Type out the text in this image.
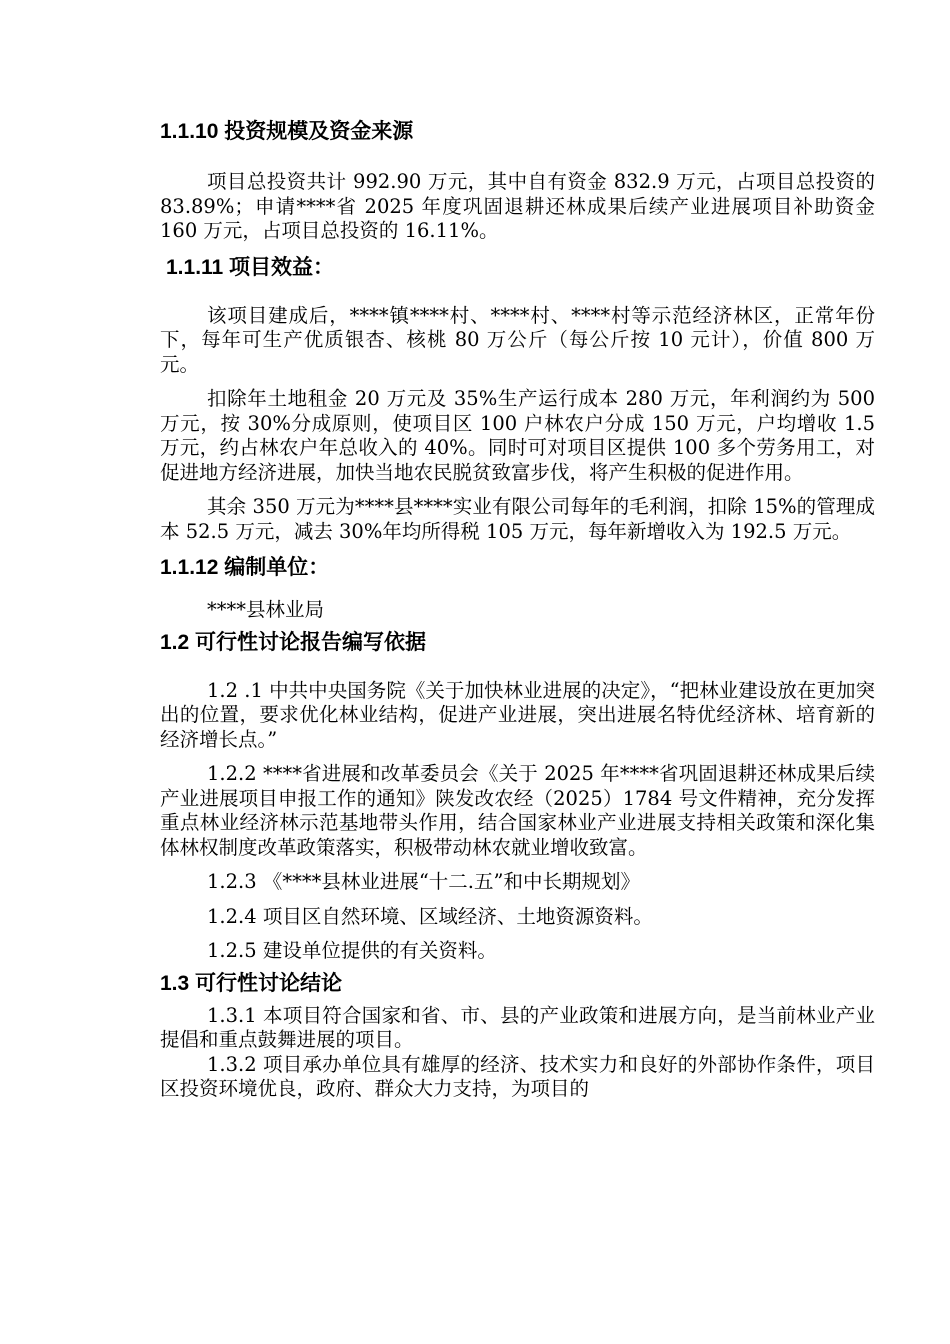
1.1.10 投资规模及资金来源

项目总投资共计 992.90 万元，其中自有资金 832.9 万元，占项目总投资的 83.89%；申请****省 2025 年度巩固退耕还林成果后续产业进展项目补助资金 160 万元，占项目总投资的 16.11%。

1.1.11 项目效益：

该项目建成后，****镇****村、****村、****村等示范经济林区，正常年份下，每年可生产优质银杏、核桃 80 万公斤（每公斤按 10 元计），价值 800 万元。

扣除年土地租金 20 万元及 35%生产运行成本 280 万元，年利润约为 500 万元，按 30%分成原则，使项目区 100 户林农户分成 150 万元，户均增收 1.5 万元，约占林农户年总收入的 40%。同时可对项目区提供 100 多个劳务用工，对促进地方经济进展，加快当地农民脱贫致富步伐，将产生积极的促进作用。

其余 350 万元为****县****实业有限公司每年的毛利润，扣除 15%的管理成本 52.5 万元，减去 30%年均所得税 105 万元，每年新增收入为 192.5 万元。

1.1.12 编制单位：

****县林业局

1.2 可行性讨论报告编写依据

1.2 .1 中共中央国务院《关于加快林业进展的决定》，“把林业建设放在更加突出的位置，要求优化林业结构，促进产业进展，突出进展名特优经济林、培育新的经济增长点。”

1.2.2 ****省进展和改革委员会《关于 2025 年****省巩固退耕还林成果后续产业进展项目申报工作的通知》陕发改农经（2025）1784 号文件精神，充分发挥重点林业经济林示范基地带头作用，结合国家林业产业进展支持相关政策和深化集体林权制度改革政策落实，积极带动林农就业增收致富。

1.2.3 《****县林业进展“十二.五”和中长期规划》

1.2.4 项目区自然环境、区域经济、土地资源资料。

1.2.5 建设单位提供的有关资料。

1.3 可行性讨论结论

1.3.1 本项目符合国家和省、市、县的产业政策和进展方向，是当前林业产业提倡和重点鼓舞进展的项目。

1.3.2 项目承办单位具有雄厚的经济、技术实力和良好的外部协作条件，项目区投资环境优良，政府、群众大力支持，为项目的
